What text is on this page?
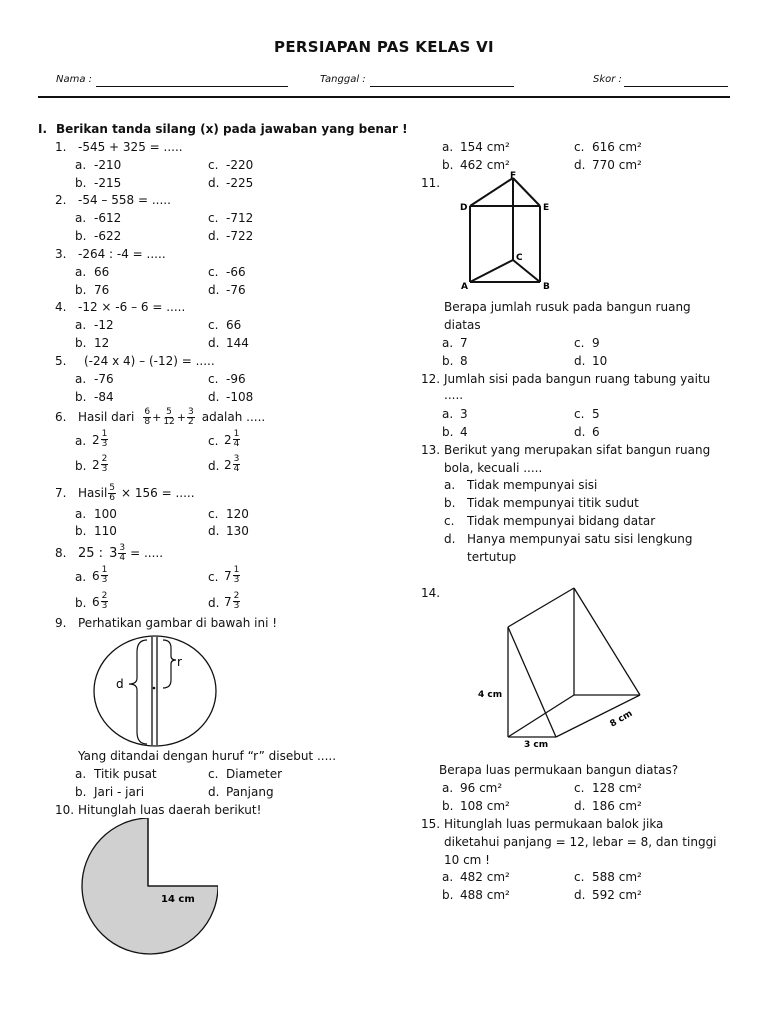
PERSIAPAN PAS KELAS VI
Nama :	Tanggal :	Skor :
I. Berikan tanda silang (x) pada jawaban yang benar !
1. -545 + 325 = .....
a. -210	c. -220
b. -215	d. -225
2. -54 – 558 = .....
a. -612	c. -712
b. -622	d. -722
3. -264 : -4 = .....
a. 66	c. -66
b. 76	d. -76
4. -12 × -6 – 6 = .....
a. -12	c. 66
b. 12	d. 144
5. (-24 x 4) – (-12) = .....
a. -76	c. -96
b. -84	d. -108
6. Hasil dari $\frac{6}{8} + \frac{5}{12} + \frac{3}{2}$ adalah .....
a. $2 \frac{1}{3}$	c. $2 \frac{1}{4}$
b. $2 \frac{2}{3}$	d. $2 \frac{3}{4}$
7. Hasil $\frac{5}{6} \times 156$ = .....
a. 100	c. 120
b. 110	d. 130
8. 25 : $3 \frac{3}{4}$ = .....
a. $6 \frac{1}{3}$	c. $7 \frac{1}{3}$
b. $6 \frac{2}{3}$	d. $7 \frac{2}{3}$
9. Perhatikan gambar di bawah ini !
d
r
Yang ditandai dengan huruf “r” disebut .....
a. Titik pusat	c. Diameter
b. Jari - jari	d. Panjang
10. Hitunglah luas daerah berikut!
14 cm
a. 154 cm²	c. 616 cm²
b. 462 cm²	d. 770 cm²
11.
A	B
C
D	E
F
Berapa jumlah rusuk pada bangun ruang
diatas
a. 7	c. 9
b. 8	d. 10
12. Jumlah sisi pada bangun ruang tabung yaitu
.....
a. 3	c. 5
b. 4	d. 6
13. Berikut yang merupakan sifat bangun ruang
bola, kecuali .....
a. Tidak mempunyai sisi
b. Tidak mempunyai titik sudut
c. Tidak mempunyai bidang datar
d. Hanya mempunyai satu sisi lengkung
tertutup
14.
4 cm
3 cm
8 cm
Berapa luas permukaan bangun diatas?
a. 96 cm²	c. 128 cm²
b. 108 cm²	d. 186 cm²
15. Hitunglah luas permukaan balok jika
diketahui panjang = 12, lebar = 8, dan tinggi
10 cm !
a. 482 cm²	c. 588 cm²
b. 488 cm²	d. 592 cm²
